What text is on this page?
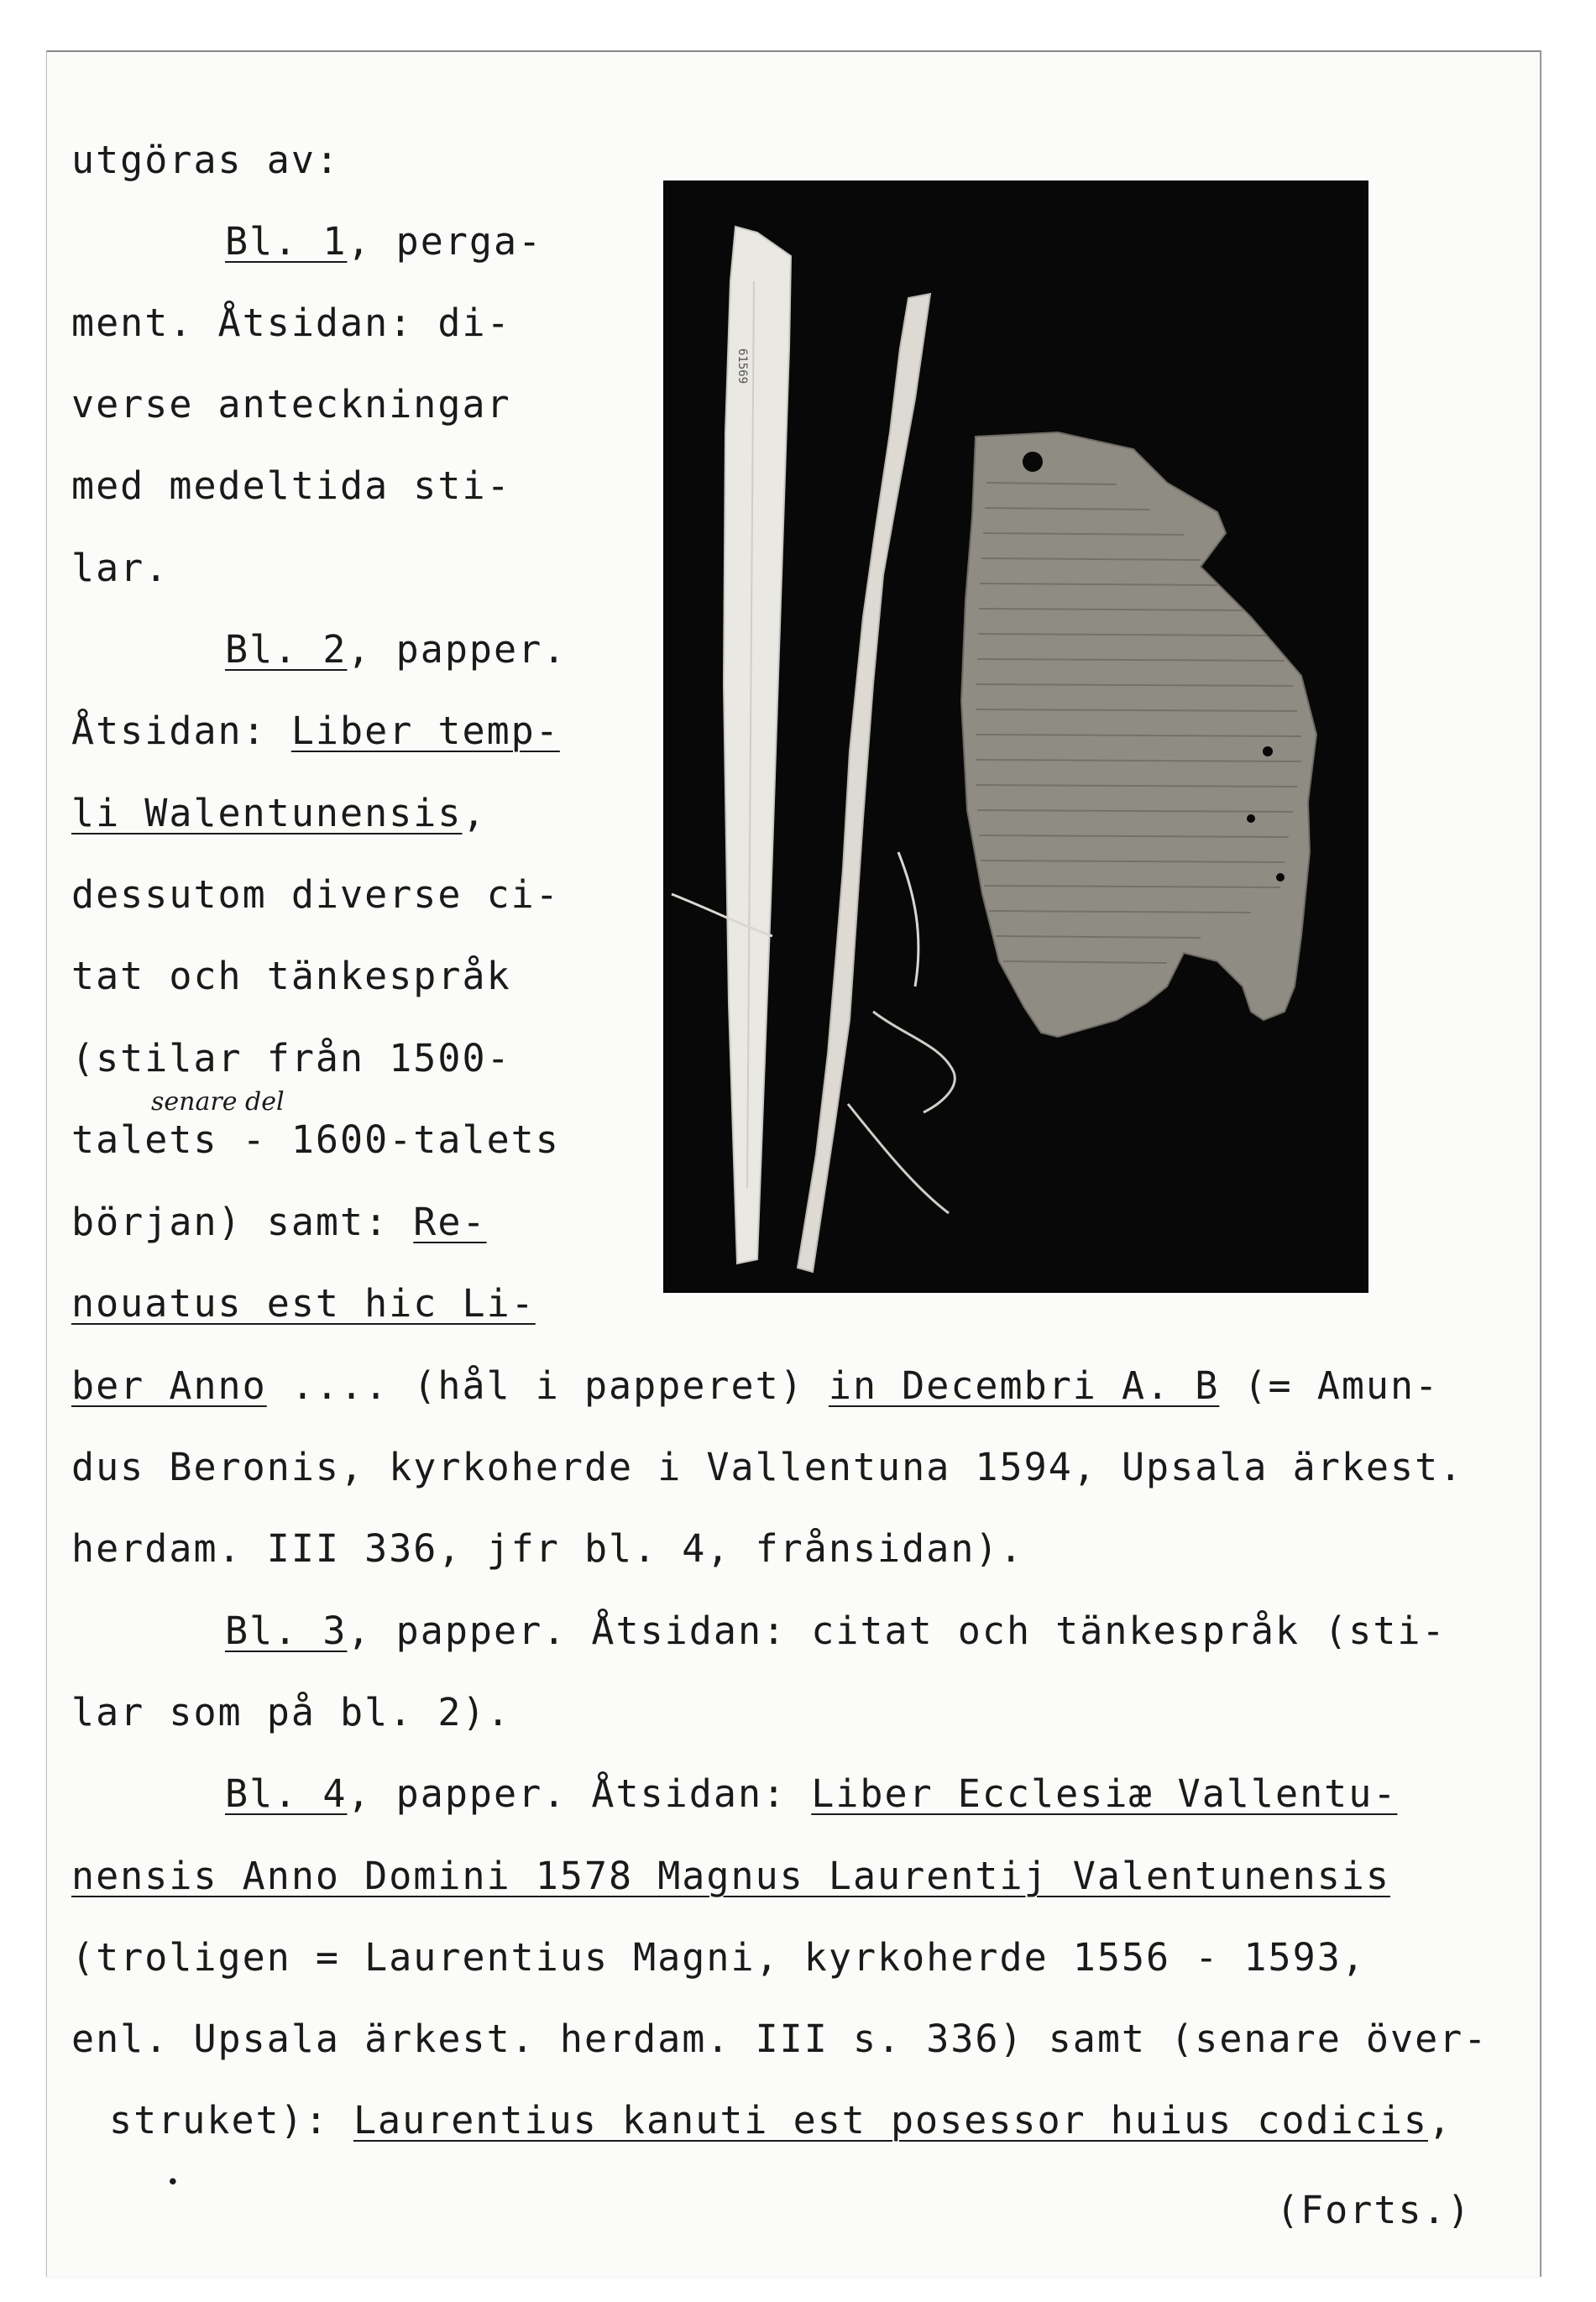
61569
utgöras av:
Bl. 1, perga-
ment. Åtsidan: di-
verse anteckningar
med medeltida sti-
lar.
Bl. 2, papper.
Åtsidan: Liber temp-
li Walentunensis,
dessutom diverse ci-
tat och tänkespråk
(stilar från 1500-
senare del
talets - 1600-talets
början) samt: Re-
nouatus est hic Li-
ber Anno .... (hål i papperet) in Decembri A. B (= Amun-
dus Beronis, kyrkoherde i Vallentuna 1594, Upsala ärkest.
herdam. III 336, jfr bl. 4, frånsidan).
Bl. 3, papper. Åtsidan: citat och tänkespråk (sti-
lar som på bl. 2).
Bl. 4, papper. Åtsidan: Liber Ecclesiæ Vallentu-
nensis Anno Domini 1578 Magnus Laurentij Valentunensis
(troligen = Laurentius Magni, kyrkoherde 1556 - 1593,
enl. Upsala ärkest. herdam. III s. 336) samt (senare över-
struket): Laurentius kanuti est posessor huius codicis,
•
(Forts.)
